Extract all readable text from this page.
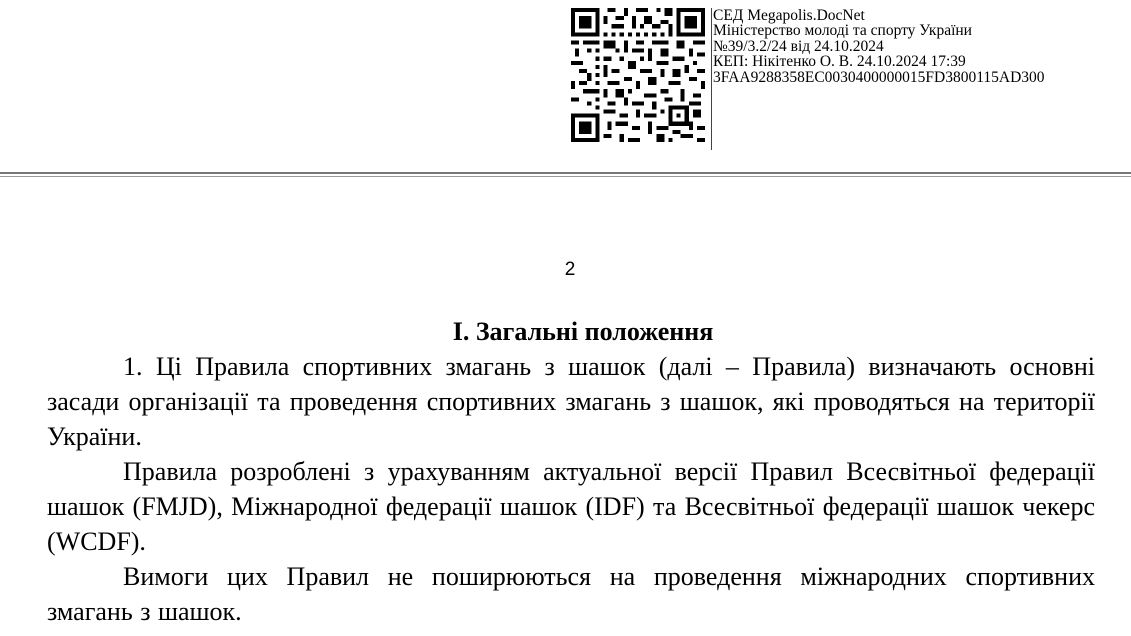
СЕД Megapolis.DocNet
Міністерство молоді та спорту України
№39/3.2/24 від 24.10.2024
КЕП: Нікітенко О. В. 24.10.2024 17:39
3FAA9288358EC0030400000015FD3800115AD300
2

І. Загальні положення

1. Ці Правила спортивних змагань з шашок (далі – Правила) визначають основні засади організації та проведення спортивних змагань з шашок, які проводяться на території України.

Правила розроблені з урахуванням актуальної версії Правил Всесвітньої федерації шашок (FMJD), Міжнародної федерації шашок (IDF) та Всесвітньої федерації шашок чекерс (WCDF).

Вимоги цих Правил не поширюються на проведення міжнародних спортивних змагань з шашок.
